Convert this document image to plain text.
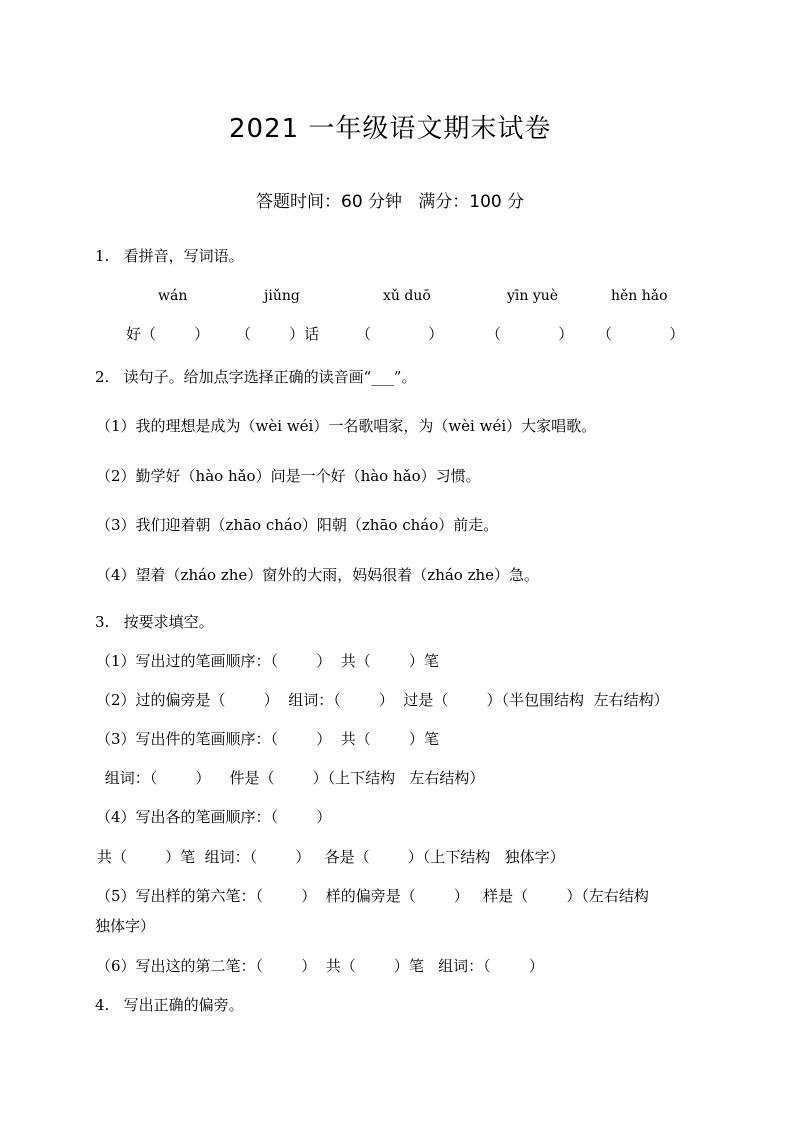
2021 一年级语文期末试卷
答题时间：60 分钟   满分：100 分
1.   看拼音，写词语。
wán	jiǔng	xǔ duō	yīn yuè	hěn hǎo
好（        ） （        ）话 （            ）	（            ） （            ）
2.   读句子。给加点字选择正确的读音画“___”。
（1）我的理想是成为（wèi wéi）一名歌唱家，为（wèi wéi）大家唱歌。
（2）勤学好（hào hǎo）问是一个好（hào hǎo）习惯。
（3）我们迎着朝（zhāo cháo）阳朝（zhāo cháo）前走。
（4）望着（zháo zhe）窗外的大雨，妈妈很着（zháo zhe）急。
3.   按要求填空。
（1）写出过的笔画顺序：（        ）  共（        ）笔
（2）过的偏旁是（        ）  组词：（        ）  过是（        ）（半包围结构  左右结构）
（3）写出件的笔画顺序：（        ）  共（        ）笔
组词：（        ）    件是（        ）（上下结构   左右结构）
（4）写出各的笔画顺序：（        ）
共（        ）笔  组词：（        ）   各是（        ）（上下结构   独体字）
（5）写出样的第六笔：（        ）  样的偏旁是（        ）   样是（        ）（左右结构
独体字）
（6）写出这的第二笔：（        ）  共（        ）笔   组词：（        ）
4.   写出正确的偏旁。
